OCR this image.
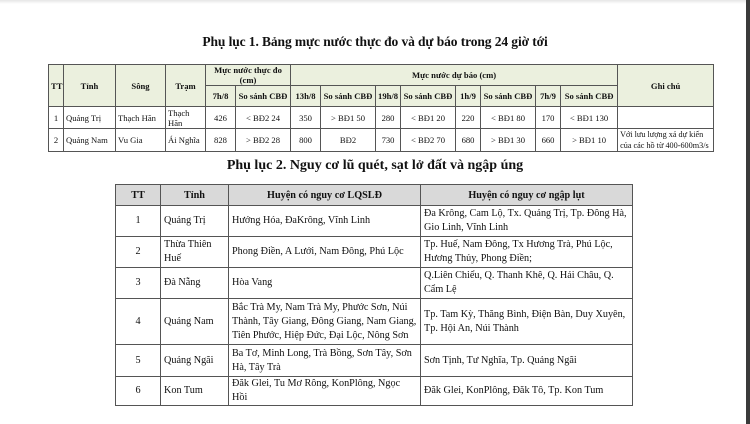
Phụ lục 1. Bảng mực nước thực đo và dự báo trong 24 giờ tới
TT	Tỉnh	Sông	Trạm	Mực nước thực đo (cm)		Mực nước dự báo (cm)								Ghi chú
				7h/8	So sánh CBĐ	13h/8	So sánh CBĐ	19h/8	So sánh CBĐ	1h/9	So sánh CBĐ	7h/9	So sánh CBĐ	
1	Quảng Trị	Thạch Hãn	Thạch Hãn	426	< BĐ2 24	350	> BĐ1 50	280	< BĐ1 20	220	< BĐ1 80	170	< BĐ1 130	
2	Quảng Nam	Vu Gia	Ái Nghĩa	828	> BĐ2 28	800	BĐ2	730	< BĐ2 70	680	> BĐ1 30	660	> BĐ1 10	Với lưu lượng xả dự kiến của các hồ từ 400-600m3/s
Phụ lục 2. Nguy cơ lũ quét, sạt lở đất và ngập úng
TT	Tỉnh	Huyện có nguy cơ LQSLĐ	Huyện có nguy cơ ngập lụt
1	Quảng Trị	Hướng Hóa, ĐaKrông, Vĩnh Linh	Đa Krông, Cam Lộ, Tx. Quảng Trị, Tp. Đông Hà, Gio Linh, Vĩnh Linh
2	Thừa Thiên Huế	Phong Điền, A Lưới, Nam Đông, Phú Lộc	Tp. Huế, Nam Đông, Tx Hương Trà, Phú Lộc, Hương Thủy, Phong Điền;
3	Đà Nẵng	Hòa Vang	Q.Liên Chiểu, Q. Thanh Khê, Q. Hải Châu, Q. Cẩm Lệ
4	Quảng Nam	Bắc Trà My, Nam Trà My, Phước Sơn, Núi Thành, Tây Giang, Đông Giang, Nam Giang, Tiên Phước, Hiệp Đức, Đại Lộc, Nông Sơn	Tp. Tam Kỳ, Thăng Bình, Điện Bàn, Duy Xuyên, Tp. Hội An, Núi Thành
5	Quảng Ngãi	Ba Tơ, Minh Long, Trà Bồng, Sơn Tây, Sơn Hà, Tây Trà	Sơn Tịnh, Tư Nghĩa, Tp. Quảng Ngãi
6	Kon Tum	Đăk Glei, Tu Mơ Rông, KonPlông, Ngọc Hồi	Đăk Glei, KonPlông, Đăk Tô, Tp. Kon Tum
